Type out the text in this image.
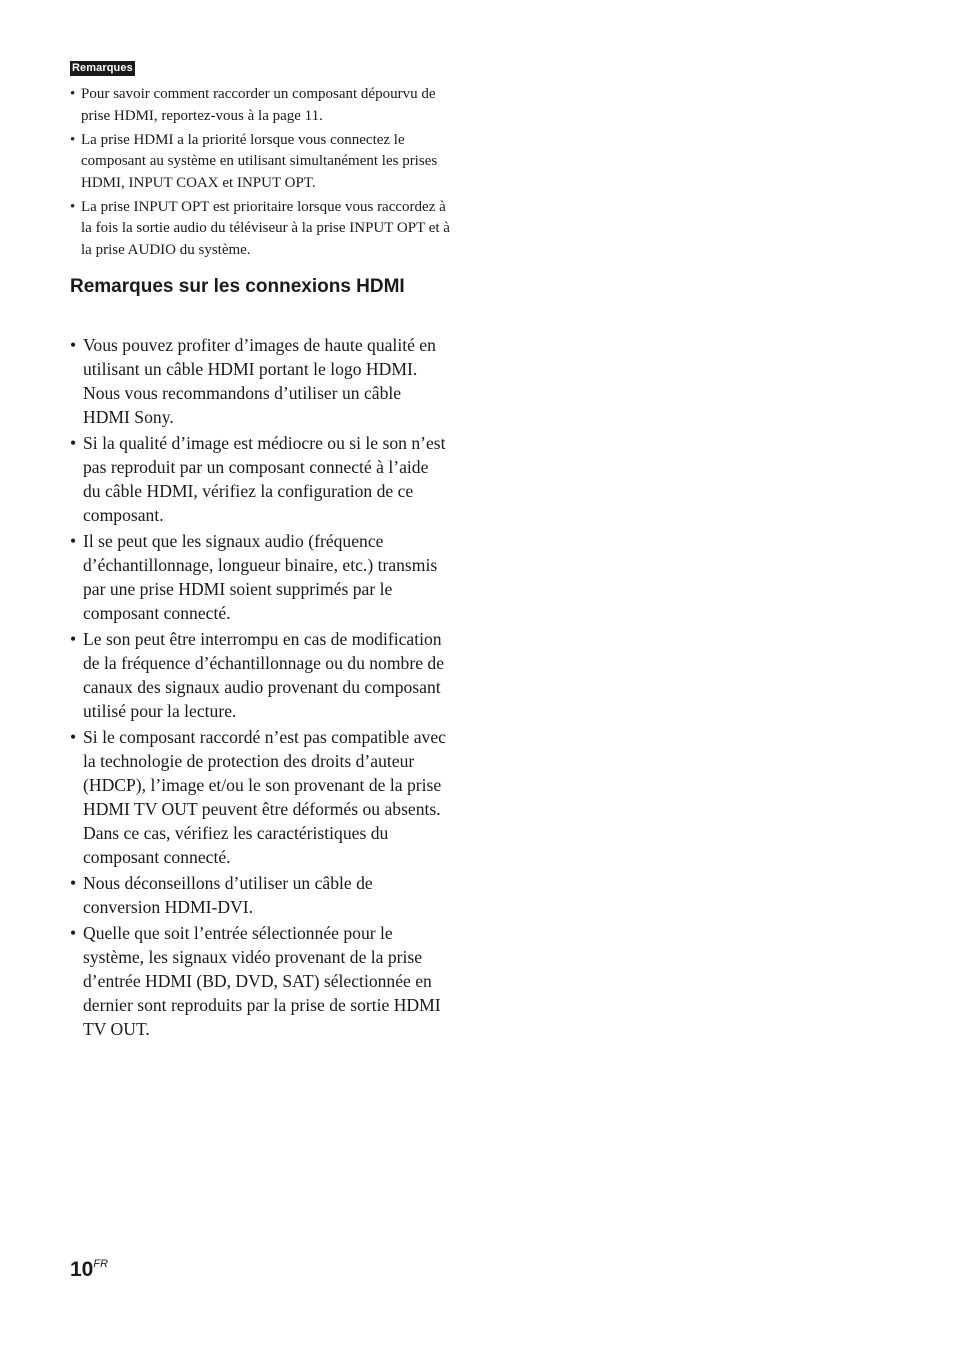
Remarques
• Pour savoir comment raccorder un composant dépourvu de prise HDMI, reportez-vous à la page 11.
• La prise HDMI a la priorité lorsque vous connectez le composant au système en utilisant simultanément les prises HDMI, INPUT COAX et INPUT OPT.
• La prise INPUT OPT est prioritaire lorsque vous raccordez à la fois la sortie audio du téléviseur à la prise INPUT OPT et à la prise AUDIO du système.
Remarques sur les connexions HDMI
• Vous pouvez profiter d’images de haute qualité en utilisant un câble HDMI portant le logo HDMI. Nous vous recommandons d’utiliser un câble HDMI Sony.
• Si la qualité d’image est médiocre ou si le son n’est pas reproduit par un composant connecté à l’aide du câble HDMI, vérifiez la configuration de ce composant.
• Il se peut que les signaux audio (fréquence d’échantillonnage, longueur binaire, etc.) transmis par une prise HDMI soient supprimés par le composant connecté.
• Le son peut être interrompu en cas de modification de la fréquence d’échantillonnage ou du nombre de canaux des signaux audio provenant du composant utilisé pour la lecture.
• Si le composant raccordé n’est pas compatible avec la technologie de protection des droits d’auteur (HDCP), l’image et/ou le son provenant de la prise HDMI TV OUT peuvent être déformés ou absents.
Dans ce cas, vérifiez les caractéristiques du composant connecté.
• Nous déconseillons d’utiliser un câble de conversion HDMI-DVI.
• Quelle que soit l’entrée sélectionnée pour le système, les signaux vidéo provenant de la prise d’entrée HDMI (BD, DVD, SAT) sélectionnée en dernier sont reproduits par la prise de sortie HDMI TV OUT.
$10^{FR}$
